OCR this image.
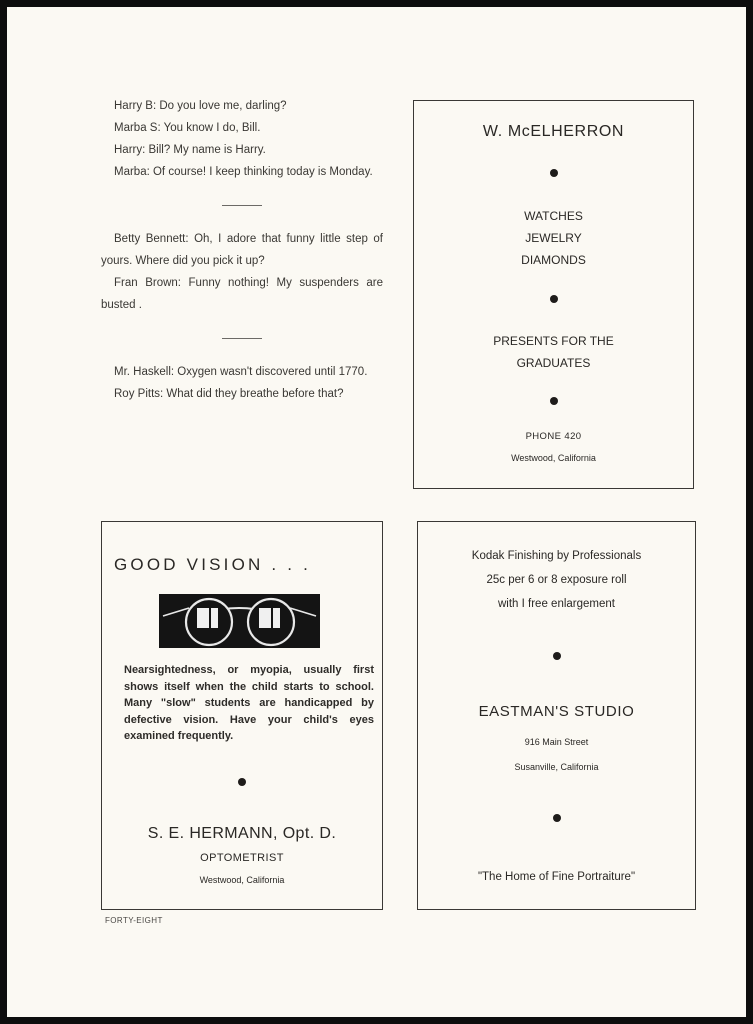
Harry B: Do you love me, darling?

Marba S: You know I do, Bill.

Harry: Bill? My name is Harry.

Marba: Of course! I keep thinking today is Monday.

Betty Bennett: Oh, I adore that funny little step of yours. Where did you pick it up?

Fran Brown: Funny nothing! My suspenders are busted .

Mr. Haskell: Oxygen wasn't discovered until 1770.

Roy Pitts: What did they breathe before that?

W. McELHERRON
WATCHES
JEWELRY
DIAMONDS
PRESENTS FOR THE
GRADUATES
PHONE 420
Westwood, California
GOOD VISION . . .
Nearsightedness, or myopia, usually first shows itself when the child starts to school. Many "slow" students are handicapped by defective vision. Have your child's eyes examined frequently.
S. E. HERMANN, Opt. D.
OPTOMETRIST
Westwood, California
Kodak Finishing by Professionals
25c per 6 or 8 exposure roll
with I free enlargement
EASTMAN'S STUDIO
916 Main Street
Susanville, California
"The Home of Fine Portraiture"
FORTY-EIGHT
